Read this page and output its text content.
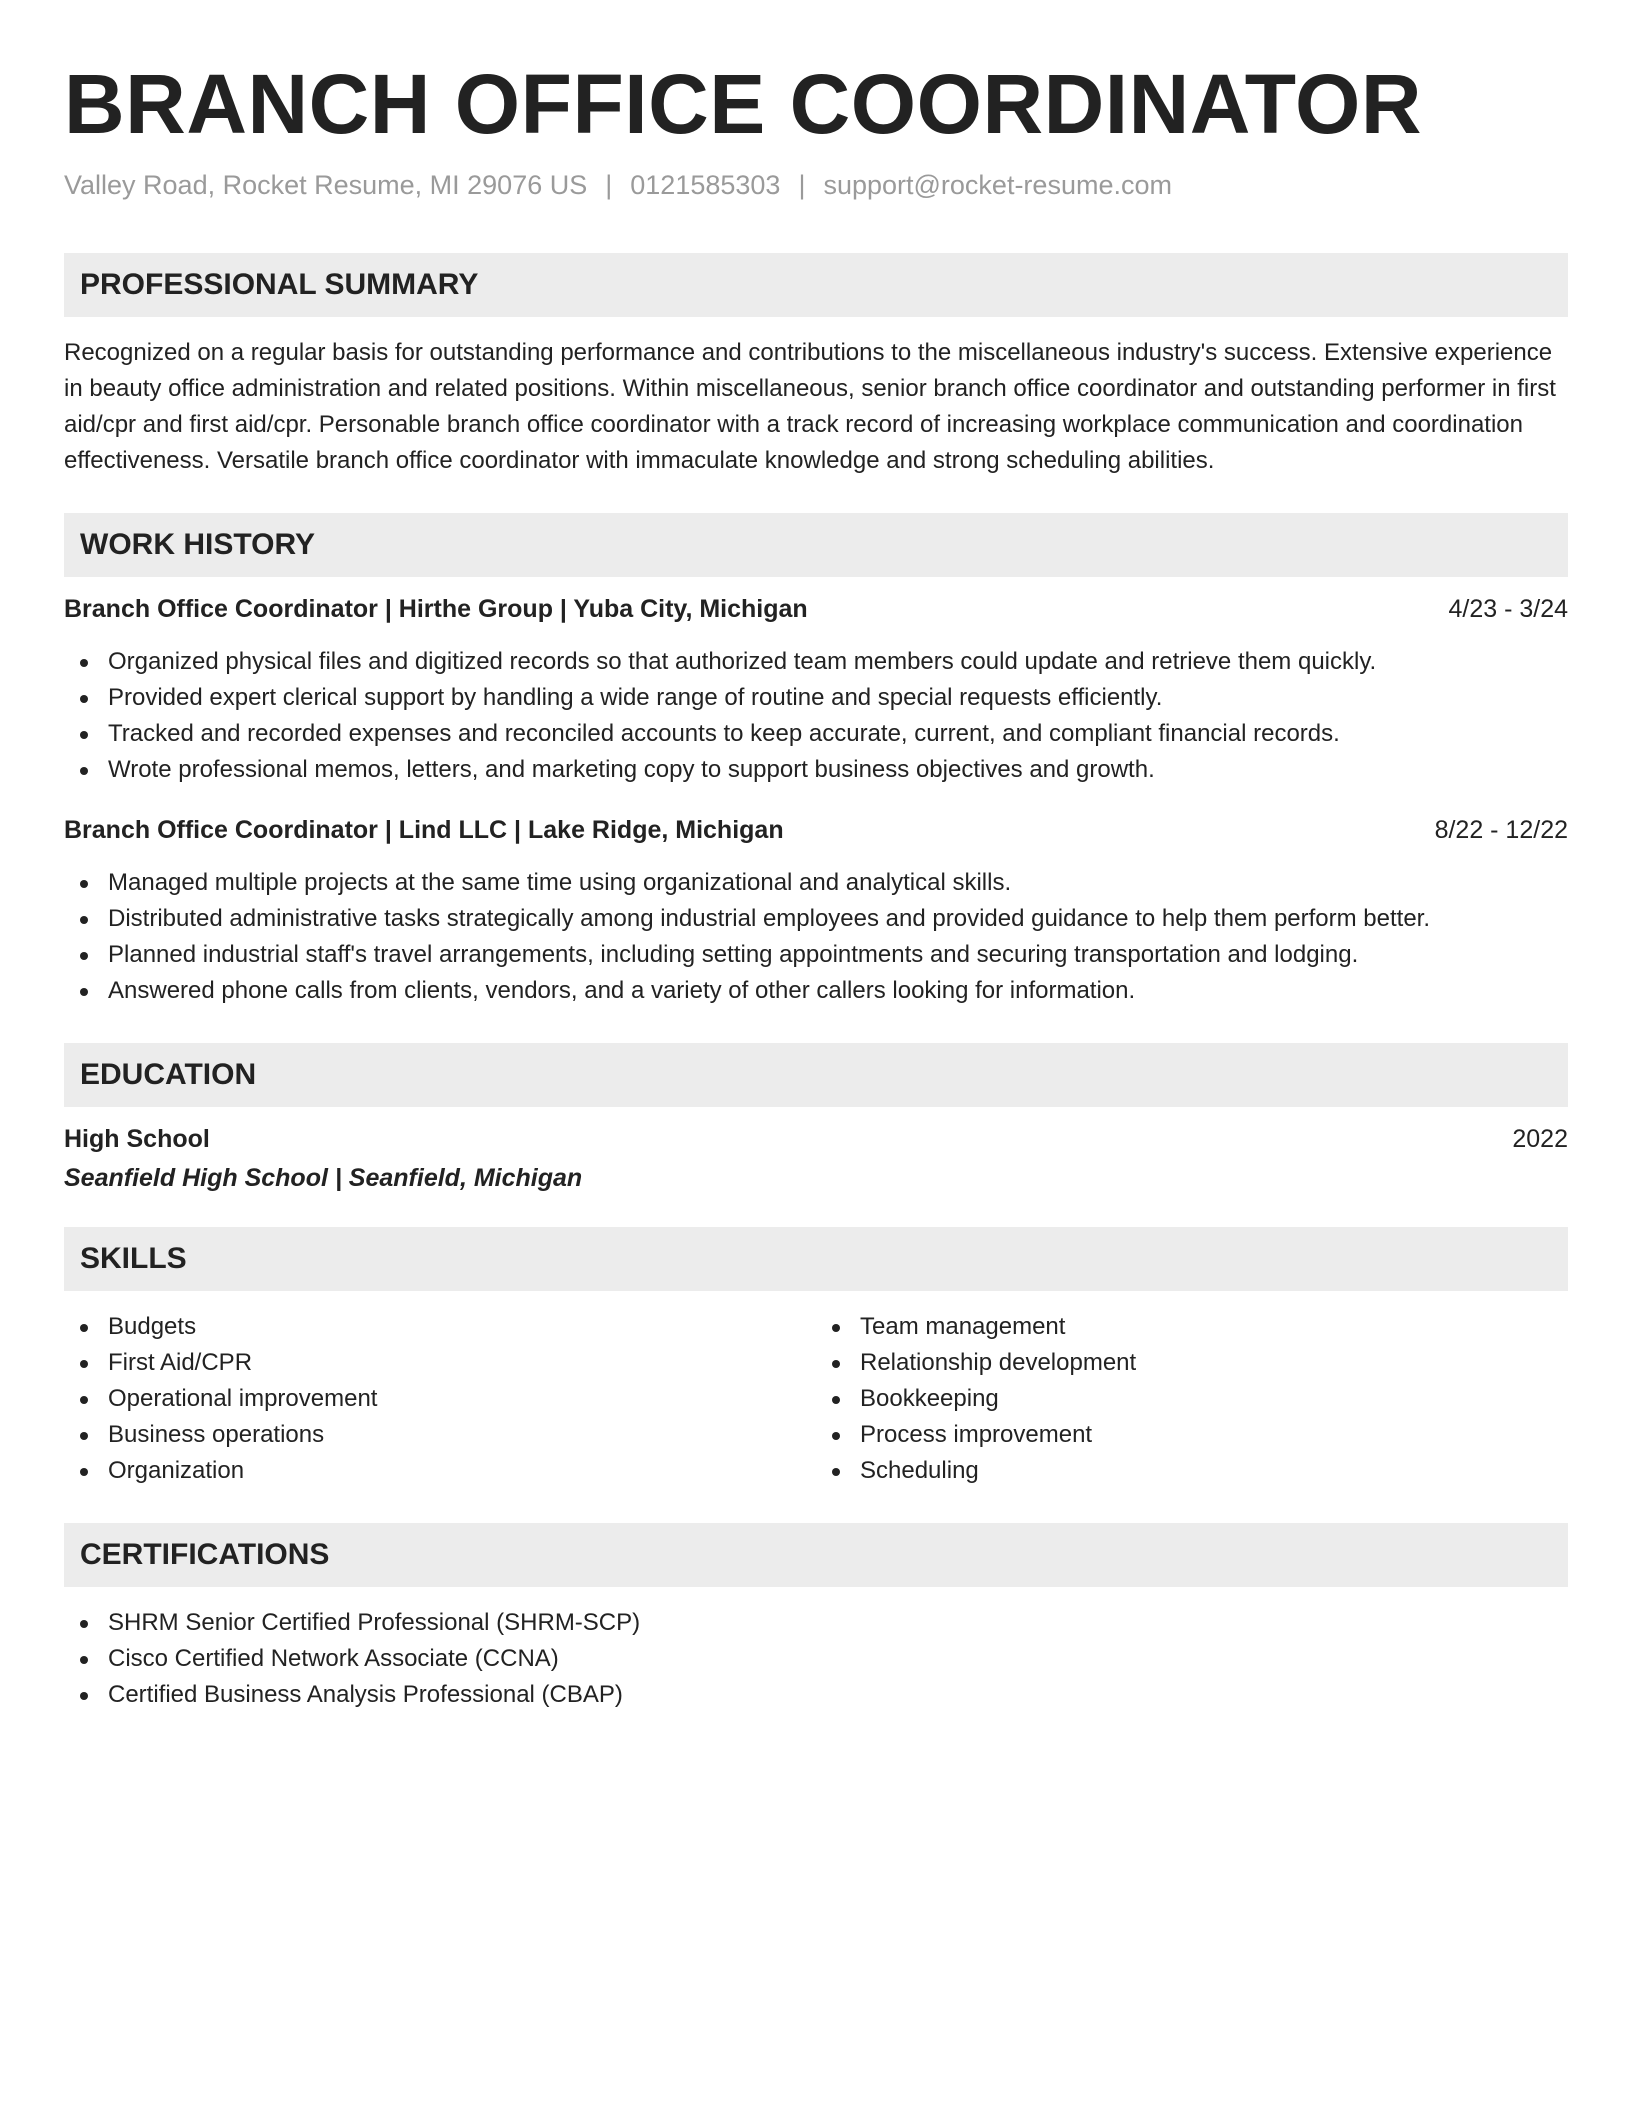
BRANCH OFFICE COORDINATOR
Valley Road, Rocket Resume, MI 29076 US | 0121585303 | support@rocket-resume.com
PROFESSIONAL SUMMARY
Recognized on a regular basis for outstanding performance and contributions to the miscellaneous industry's success. Extensive experience in beauty office administration and related positions. Within miscellaneous, senior branch office coordinator and outstanding performer in first aid/cpr and first aid/cpr. Personable branch office coordinator with a track record of increasing workplace communication and coordination effectiveness. Versatile branch office coordinator with immaculate knowledge and strong scheduling abilities.
WORK HISTORY
Branch Office Coordinator | Hirthe Group | Yuba City, Michigan	4/23 - 3/24
Organized physical files and digitized records so that authorized team members could update and retrieve them quickly.
Provided expert clerical support by handling a wide range of routine and special requests efficiently.
Tracked and recorded expenses and reconciled accounts to keep accurate, current, and compliant financial records.
Wrote professional memos, letters, and marketing copy to support business objectives and growth.
Branch Office Coordinator | Lind LLC | Lake Ridge, Michigan	8/22 - 12/22
Managed multiple projects at the same time using organizational and analytical skills.
Distributed administrative tasks strategically among industrial employees and provided guidance to help them perform better.
Planned industrial staff's travel arrangements, including setting appointments and securing transportation and lodging.
Answered phone calls from clients, vendors, and a variety of other callers looking for information.
EDUCATION
High School	2022
Seanfield High School | Seanfield, Michigan
SKILLS
Budgets
First Aid/CPR
Operational improvement
Business operations
Organization
Team management
Relationship development
Bookkeeping
Process improvement
Scheduling
CERTIFICATIONS
SHRM Senior Certified Professional (SHRM-SCP)
Cisco Certified Network Associate (CCNA)
Certified Business Analysis Professional (CBAP)
